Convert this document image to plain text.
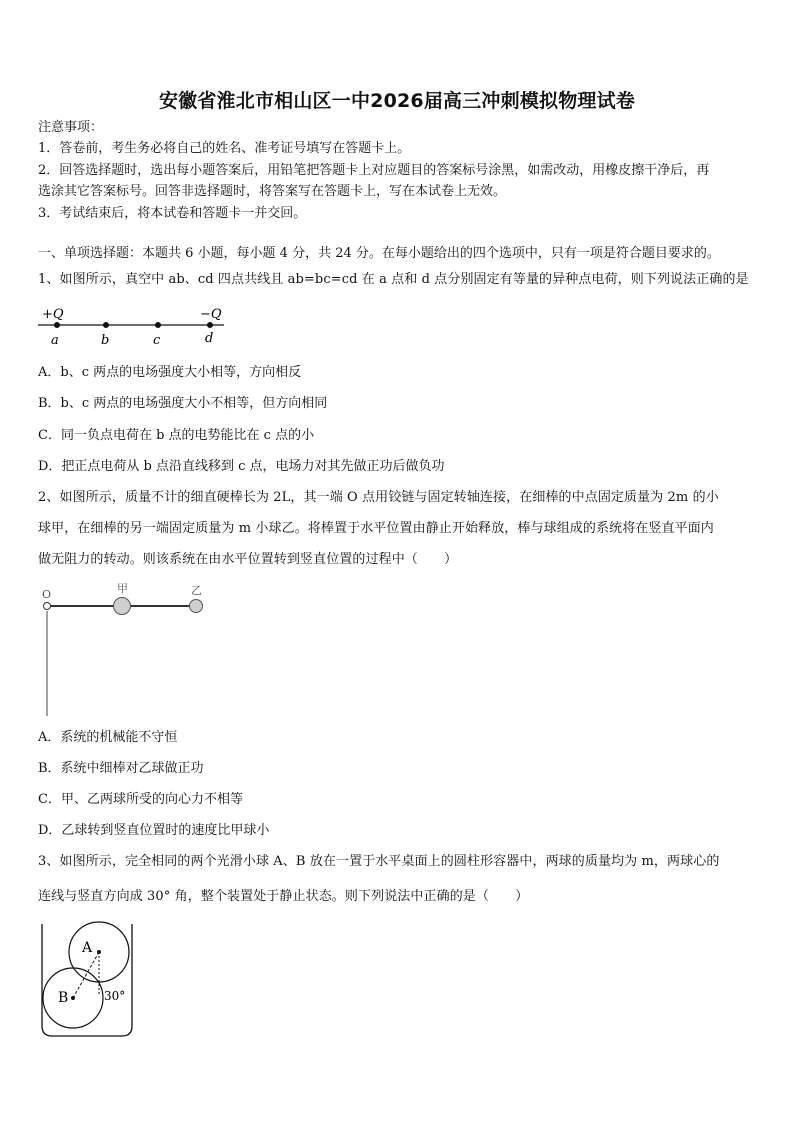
安徽省淮北市相山区一中2026届高三冲刺模拟物理试卷
注意事项：
1．答卷前，考生务必将自己的姓名、准考证号填写在答题卡上。
2．回答选择题时，选出每小题答案后，用铅笔把答题卡上对应题目的答案标号涂黑，如需改动，用橡皮擦干净后，再
选涂其它答案标号。回答非选择题时，将答案写在答题卡上，写在本试卷上无效。
3．考试结束后，将本试卷和答题卡一并交回。
一、单项选择题：本题共 6 小题，每小题 4 分，共 24 分。在每小题给出的四个选项中，只有一项是符合题目要求的。
1、如图所示，真空中 ab、cd 四点共线且 ab=bc=cd 在 a 点和 d 点分别固定有等量的异种点电荷，则下列说法正确的是
+Q	−Q
a	b	c	d
A．b、c 两点的电场强度大小相等，方向相反
B．b、c 两点的电场强度大小不相等，但方向相同
C．同一负点电荷在 b 点的电势能比在 c 点的小
D．把正点电荷从 b 点沿直线移到 c 点，电场力对其先做正功后做负功
2、如图所示，质量不计的细直硬棒长为 2L，其一端 O 点用铰链与固定转轴连接，在细棒的中点固定质量为 2m 的小
球甲，在细棒的另一端固定质量为 m 小球乙。将棒置于水平位置由静止开始释放，棒与球组成的系统将在竖直平面内
做无阻力的转动。则该系统在由水平位置转到竖直位置的过程中（　　）
O	甲	乙
A．系统的机械能不守恒
B．系统中细棒对乙球做正功
C．甲、乙两球所受的向心力不相等
D．乙球转到竖直位置时的速度比甲球小
3、如图所示，完全相同的两个光滑小球 A、B 放在一置于水平桌面上的圆柱形容器中，两球的质量均为 m，两球心的
连线与竖直方向成 30° 角，整个装置处于静止状态。则下列说法中正确的是（　　）
A
B	30°
